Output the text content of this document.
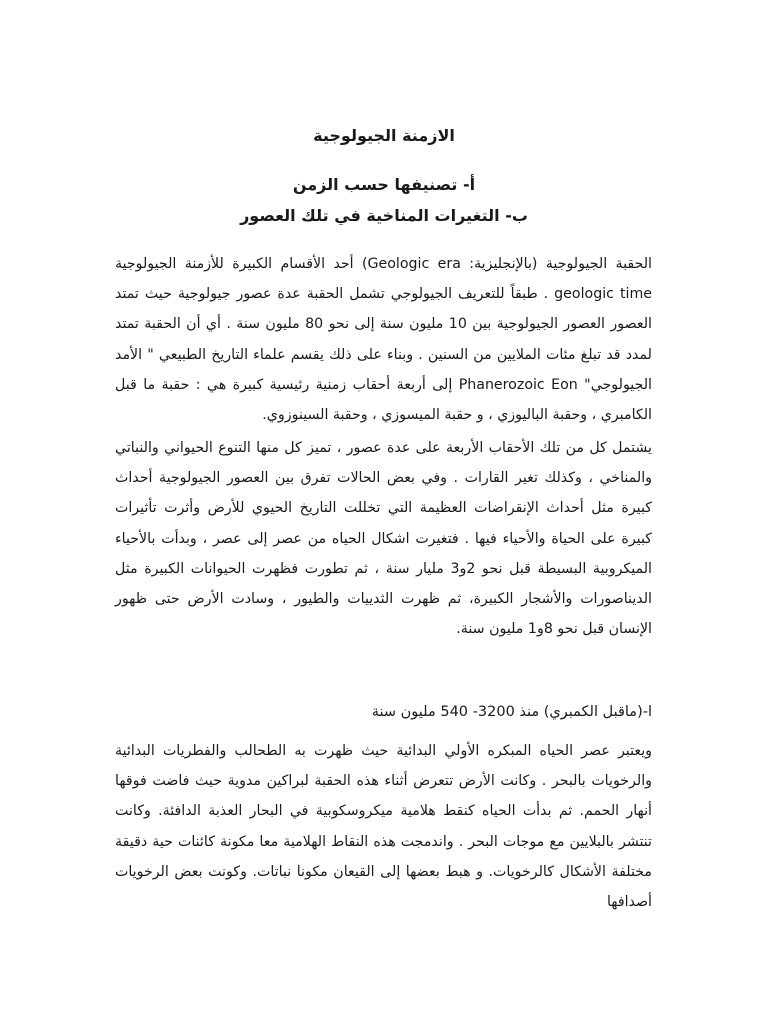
الازمنة الجيولوجية
أ- تصنيفها حسب الزمن
ب- التغيرات المناخية في تلك العصور

الحقبة الجيولوجية (بالإنجليزية: Geologic era) أحد الأقسام الكبيرة للأزمنة الجيولوجية geologic time . طبقاً للتعريف الجيولوجي تشمل الحقبة عدة عصور جيولوجية حيث تمتد العصور العصور الجيولوجية بين 10 مليون سنة إلى نحو 80 مليون سنة . أي أن الحقبة تمتد لمدد قد تبلغ مئات الملايين من السنين . وبناء على ذلك يقسم علماء التاريخ الطبيعي " الأمد الجيولوجي" Phanerozoic Eon إلى أربعة أحقاب زمنية رئيسية كبيرة هي : حقبة ما قبل الكامبري ، وحقبة الباليوزي ، و حقبة الميسوزي ، وحقبة السينوزوي.

يشتمل كل من تلك الأحقاب الأربعة على عدة عصور ، تميز كل منها التنوع الحيواني والنباتي والمناخي ، وكذلك تغير القارات . وفي بعض الحالات تفرق بين العصور الجيولوجية أحداث كبيرة مثل أحداث الإنقراضات العظيمة التي تخللت التاريخ الحيوي للأرض وأثرت تأثيرات كبيرة على الحياة والأحياء فيها . فتغيرت اشكال الحياه من عصر إلى عصر ، وبدأت بالأحياء الميكروبية البسيطة قبل نحو 2و3 مليار سنة ، ثم تطورت فظهرت الحيوانات الكبيرة مثل الديناصورات والأشجار الكبيرة، ثم ظهرت الثدييات والطيور ، وسادت الأرض حتى ظهور الإنسان قبل نحو 8و1 مليون سنة.

ا-(ماقبل الكمبري) منذ 3200- 540 مليون سنة

ويعتبر عصر الحياه المبكره الأولي البدائية حيث ظهرت به الطحالب والفطريات البدائية والرخويات بالبحر . وكانت الأرض تتعرض أثناء هذه الحقبة لبراكين مدوية حيث فاضت فوقها أنهار الحمم. ثم بدأت الحياه كنقط هلامية ميكروسكوبية في البحار العذبة الدافئة. وكانت تنتشر بالبلايين مع موجات البحر . واندمجت هذه النقاط الهلامية معا مكونة كائنات حية دقيقة مختلفة الأشكال كالرخويات. و هبط بعضها إلى القيعان مكونا نباتات. وكونت بعض الرخويات أصدافها
